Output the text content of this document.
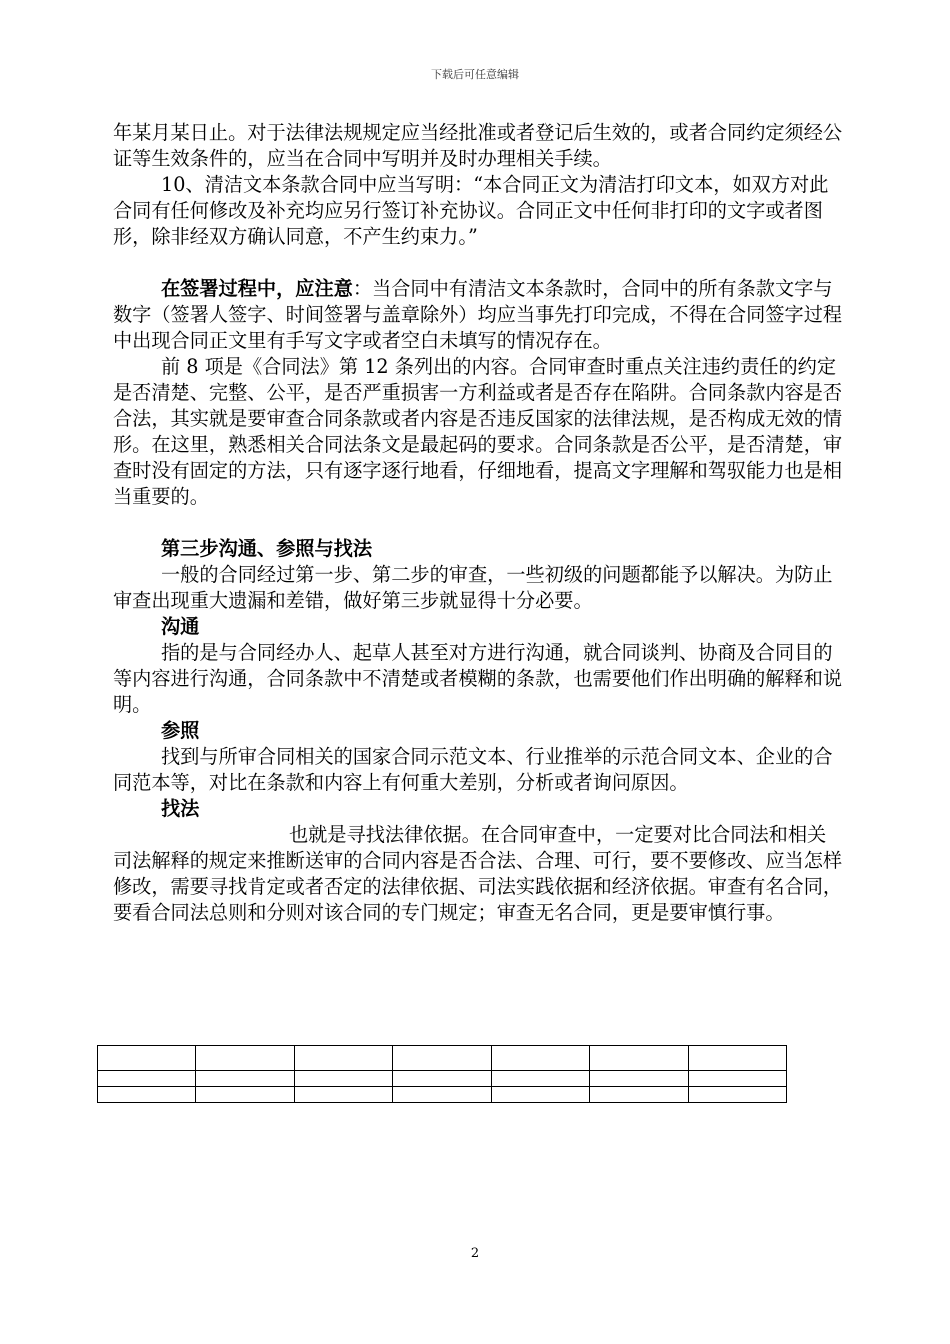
下载后可任意编辑

年某月某日止。对于法律法规规定应当经批准或者登记后生效的，或者合同约定须经公证等生效条件的，应当在合同中写明并及时办理相关手续。

10、清洁文本条款合同中应当写明：“本合同正文为清洁打印文本，如双方对此合同有任何修改及补充均应另行签订补充协议。合同正文中任何非打印的文字或者图形，除非经双方确认同意，不产生约束力。”

在签署过程中，应注意：当合同中有清洁文本条款时，合同中的所有条款文字与数字（签署人签字、时间签署与盖章除外）均应当事先打印完成，不得在合同签字过程中出现合同正文里有手写文字或者空白未填写的情况存在。

前 8 项是《合同法》第 12 条列出的内容。合同审查时重点关注违约责任的约定是否清楚、完整、公平，是否严重损害一方利益或者是否存在陷阱。合同条款内容是否合法，其实就是要审查合同条款或者内容是否违反国家的法律法规，是否构成无效的情形。在这里，熟悉相关合同法条文是最起码的要求。合同条款是否公平，是否清楚，审查时没有固定的方法，只有逐字逐行地看，仔细地看，提高文字理解和驾驭能力也是相当重要的。

第三步沟通、参照与找法

一般的合同经过第一步、第二步的审查，一些初级的问题都能予以解决。为防止审查出现重大遗漏和差错，做好第三步就显得十分必要。

沟通

指的是与合同经办人、起草人甚至对方进行沟通，就合同谈判、协商及合同目的等内容进行沟通，合同条款中不清楚或者模糊的条款，也需要他们作出明确的解释和说明。

参照

找到与所审合同相关的国家合同示范文本、行业推举的示范合同文本、企业的合同范本等，对比在条款和内容上有何重大差别，分析或者询问原因。

找法

也就是寻找法律依据。在合同审查中，一定要对比合同法和相关司法解释的规定来推断送审的合同内容是否合法、合理、可行，要不要修改、应当怎样修改，需要寻找肯定或者否定的法律依据、司法实践依据和经济依据。审查有名合同，要看合同法总则和分则对该合同的专门规定；审查无名合同，更是要审慎行事。

2
